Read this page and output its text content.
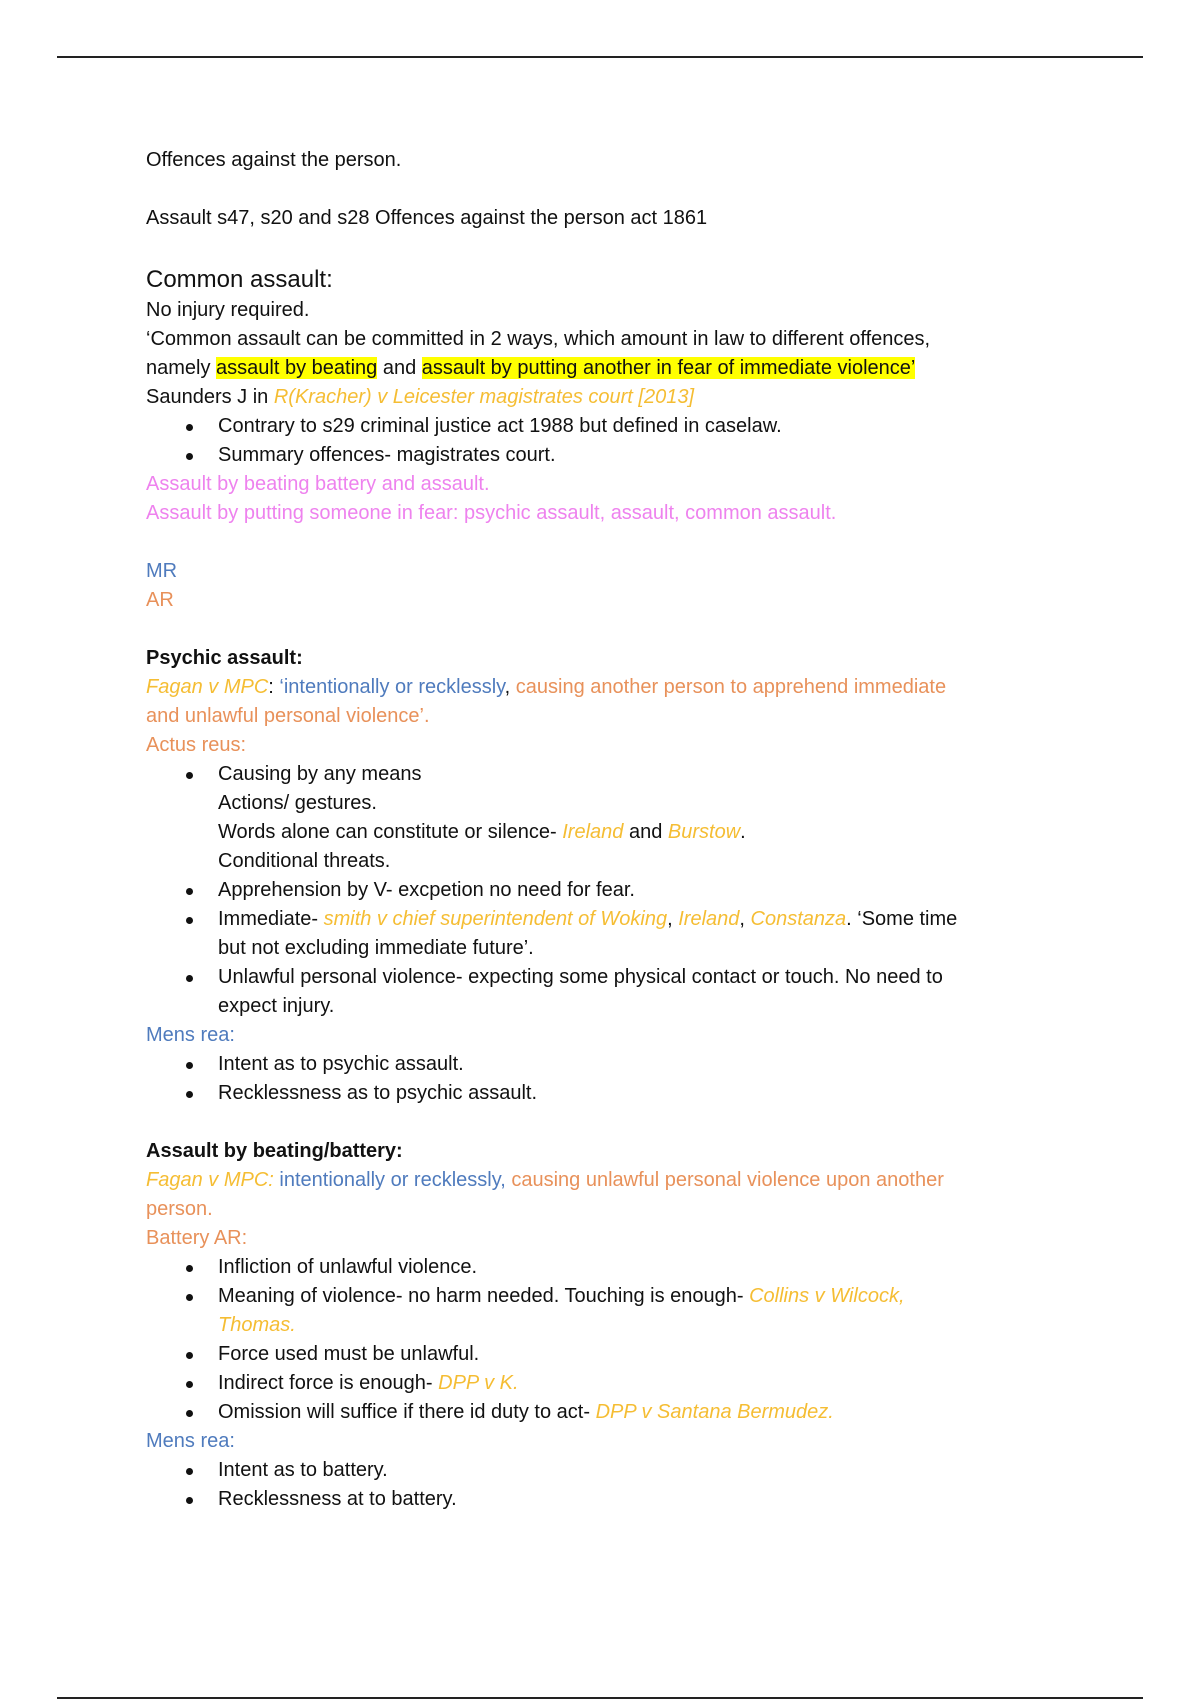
Offences against the person.
Assault s47, s20 and s28 Offences against the person act 1861
Common assault:
No injury required.
‘Common assault can be committed in 2 ways, which amount in law to different offences,
namely assault by beating and assault by putting another in fear of immediate violence’
Saunders J in R(Kracher) v Leicester magistrates court [2013]
Contrary to s29 criminal justice act 1988 but defined in caselaw.
Summary offences- magistrates court.
Assault by beating battery and assault.
Assault by putting someone in fear: psychic assault, assault, common assault.
MR
AR
Psychic assault:
Fagan v MPC: ‘intentionally or recklessly, causing another person to apprehend immediate
and unlawful personal violence’.
Actus reus:
Causing by any means
Actions/ gestures.
Words alone can constitute or silence- Ireland and Burstow.
Conditional threats.
Apprehension by V- excpetion no need for fear.
Immediate- smith v chief superintendent of Woking, Ireland, Constanza. ‘Some time
but not excluding immediate future’.
Unlawful personal violence- expecting some physical contact or touch. No need to
expect injury.
Mens rea:
Intent as to psychic assault.
Recklessness as to psychic assault.
Assault by beating/battery:
Fagan v MPC: intentionally or recklessly, causing unlawful personal violence upon another
person.
Battery AR:
Infliction of unlawful violence.
Meaning of violence- no harm needed. Touching is enough- Collins v Wilcock,
Thomas.
Force used must be unlawful.
Indirect force is enough- DPP v K.
Omission will suffice if there id duty to act- DPP v Santana Bermudez.
Mens rea:
Intent as to battery.
Recklessness at to battery.
